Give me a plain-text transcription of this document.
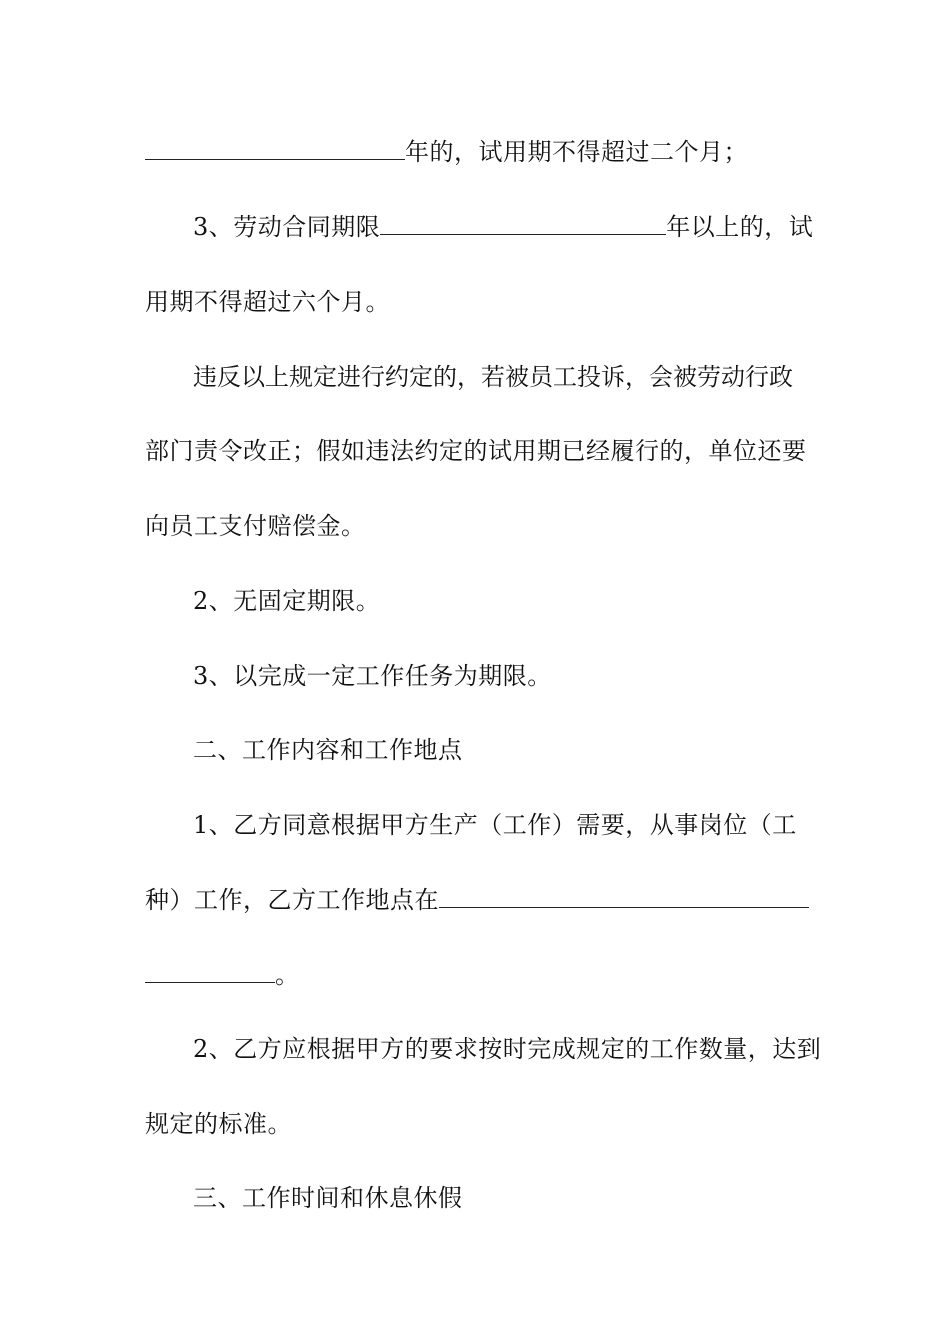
年的，试用期不得超过二个月；
3、劳动合同期限	年以上的，试
用期不得超过六个月。
违反以上规定进行约定的，若被员工投诉，会被劳动行政
部门责令改正；假如违法约定的试用期已经履行的，单位还要
向员工支付赔偿金。
2、无固定期限。
3、以完成一定工作任务为期限。
二、工作内容和工作地点
1、乙方同意根据甲方生产（工作）需要，从事岗位（工
种）工作，乙方工作地点在
。
2、乙方应根据甲方的要求按时完成规定的工作数量，达到
规定的标准。
三、工作时间和休息休假
